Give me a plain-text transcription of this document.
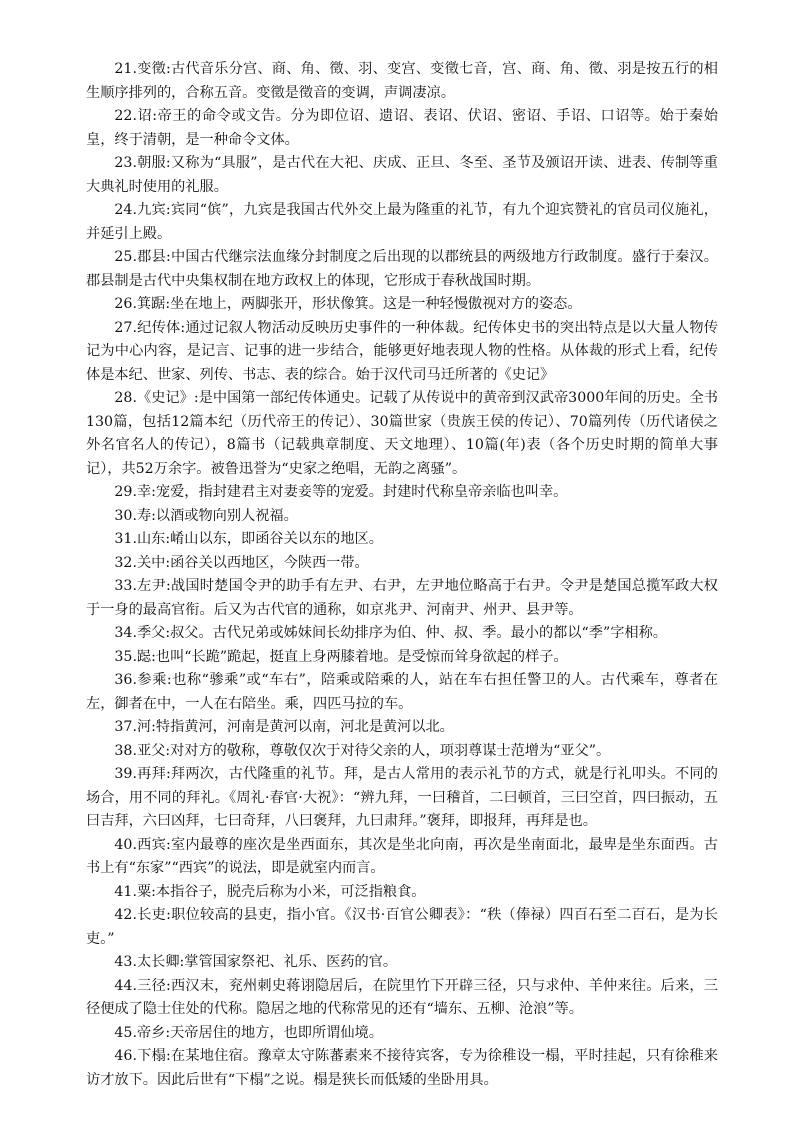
21.变徵:古代音乐分宫、商、角、徵、羽、变宫、变徵七音，宫、商、角、徵、羽是按五行的相生顺序排列的，合称五音。变徵是徵音的变调，声调凄凉。

22.诏:帝王的命令或文告。分为即位诏、遗诏、表诏、伏诏、密诏、手诏、口诏等。始于秦始皇，终于清朝，是一种命令文体。

23.朝服:又称为“具服”，是古代在大祀、庆成、正旦、冬至、圣节及颁诏开读、进表、传制等重大典礼时使用的礼服。

24.九宾:宾同“傧”，九宾是我国古代外交上最为隆重的礼节，有九个迎宾赞礼的官员司仪施礼，并延引上殿。

25.郡县:中国古代继宗法血缘分封制度之后出现的以郡统县的两级地方行政制度。盛行于秦汉。郡县制是古代中央集权制在地方政权上的体现，它形成于春秋战国时期。

26.箕踞:坐在地上，两脚张开，形状像箕。这是一种轻慢傲视对方的姿态。

27.纪传体:通过记叙人物活动反映历史事件的一种体裁。纪传体史书的突出特点是以大量人物传记为中心内容，是记言、记事的进一步结合，能够更好地表现人物的性格。从体裁的形式上看，纪传体是本纪、世家、列传、书志、表的综合。始于汉代司马迁所著的《史记》

28.《史记》:是中国第一部纪传体通史。记载了从传说中的黄帝到汉武帝3000年间的历史。全书130篇，包括12篇本纪（历代帝王的传记）、30篇世家（贵族王侯的传记）、70篇列传（历代诸侯之外名官名人的传记），8篇书（记载典章制度、天文地理）、10篇(年)表（各个历史时期的简单大事记），共52万余字。被鲁迅誉为“史家之绝唱，无韵之离骚”。

29.幸:宠爱，指封建君主对妻妾等的宠爱。封建时代称皇帝亲临也叫幸。

30.寿:以酒或物向别人祝福。

31.山东:崤山以东，即函谷关以东的地区。

32.关中:函谷关以西地区，今陕西一带。

33.左尹:战国时楚国令尹的助手有左尹、右尹，左尹地位略高于右尹。令尹是楚国总揽军政大权于一身的最高官衔。后又为古代官的通称，如京兆尹、河南尹、州尹、县尹等。

34.季父:叔父。古代兄弟或姊妹间长幼排序为伯、仲、叔、季。最小的都以“季”字相称。

35.跽:也叫“长跪”跪起，挺直上身两膝着地。是受惊而耸身欲起的样子。

36.参乘:也称“骖乘”或“车右”，陪乘或陪乘的人，站在车右担任警卫的人。古代乘车，尊者在左，御者在中，一人在右陪坐。乘，四匹马拉的车。

37.河:特指黄河，河南是黄河以南，河北是黄河以北。

38.亚父:对对方的敬称，尊敬仅次于对待父亲的人，项羽尊谋士范增为“亚父”。

39.再拜:拜两次，古代隆重的礼节。拜，是古人常用的表示礼节的方式，就是行礼叩头。不同的场合，用不同的拜礼。《周礼·春官·大祝》：“辨九拜，一曰稽首，二曰顿首，三曰空首，四曰振动，五曰吉拜，六曰凶拜，七曰奇拜，八曰褒拜，九曰肃拜。”褒拜，即报拜，再拜是也。

40.西宾:室内最尊的座次是坐西面东，其次是坐北向南，再次是坐南面北，最卑是坐东面西。古书上有“东家”“西宾”的说法，即是就室内而言。

41.粟:本指谷子，脱壳后称为小米，可泛指粮食。

42.长吏:职位较高的县吏，指小官。《汉书·百官公卿表》：“秩（俸禄）四百石至二百石，是为长吏。”

43.太长卿:掌管国家祭祀、礼乐、医药的官。

44.三径:西汉末，兖州刺史蒋诩隐居后，在院里竹下开辟三径，只与求仲、羊仲来往。后来，三径便成了隐士住处的代称。隐居之地的代称常见的还有“墙东、五柳、沧浪”等。

45.帝乡:天帝居住的地方，也即所谓仙境。

46.下榻:在某地住宿。豫章太守陈蕃素来不接待宾客，专为徐稚设一榻，平时挂起，只有徐稚来访才放下。因此后世有“下榻”之说。榻是狭长而低矮的坐卧用具。
